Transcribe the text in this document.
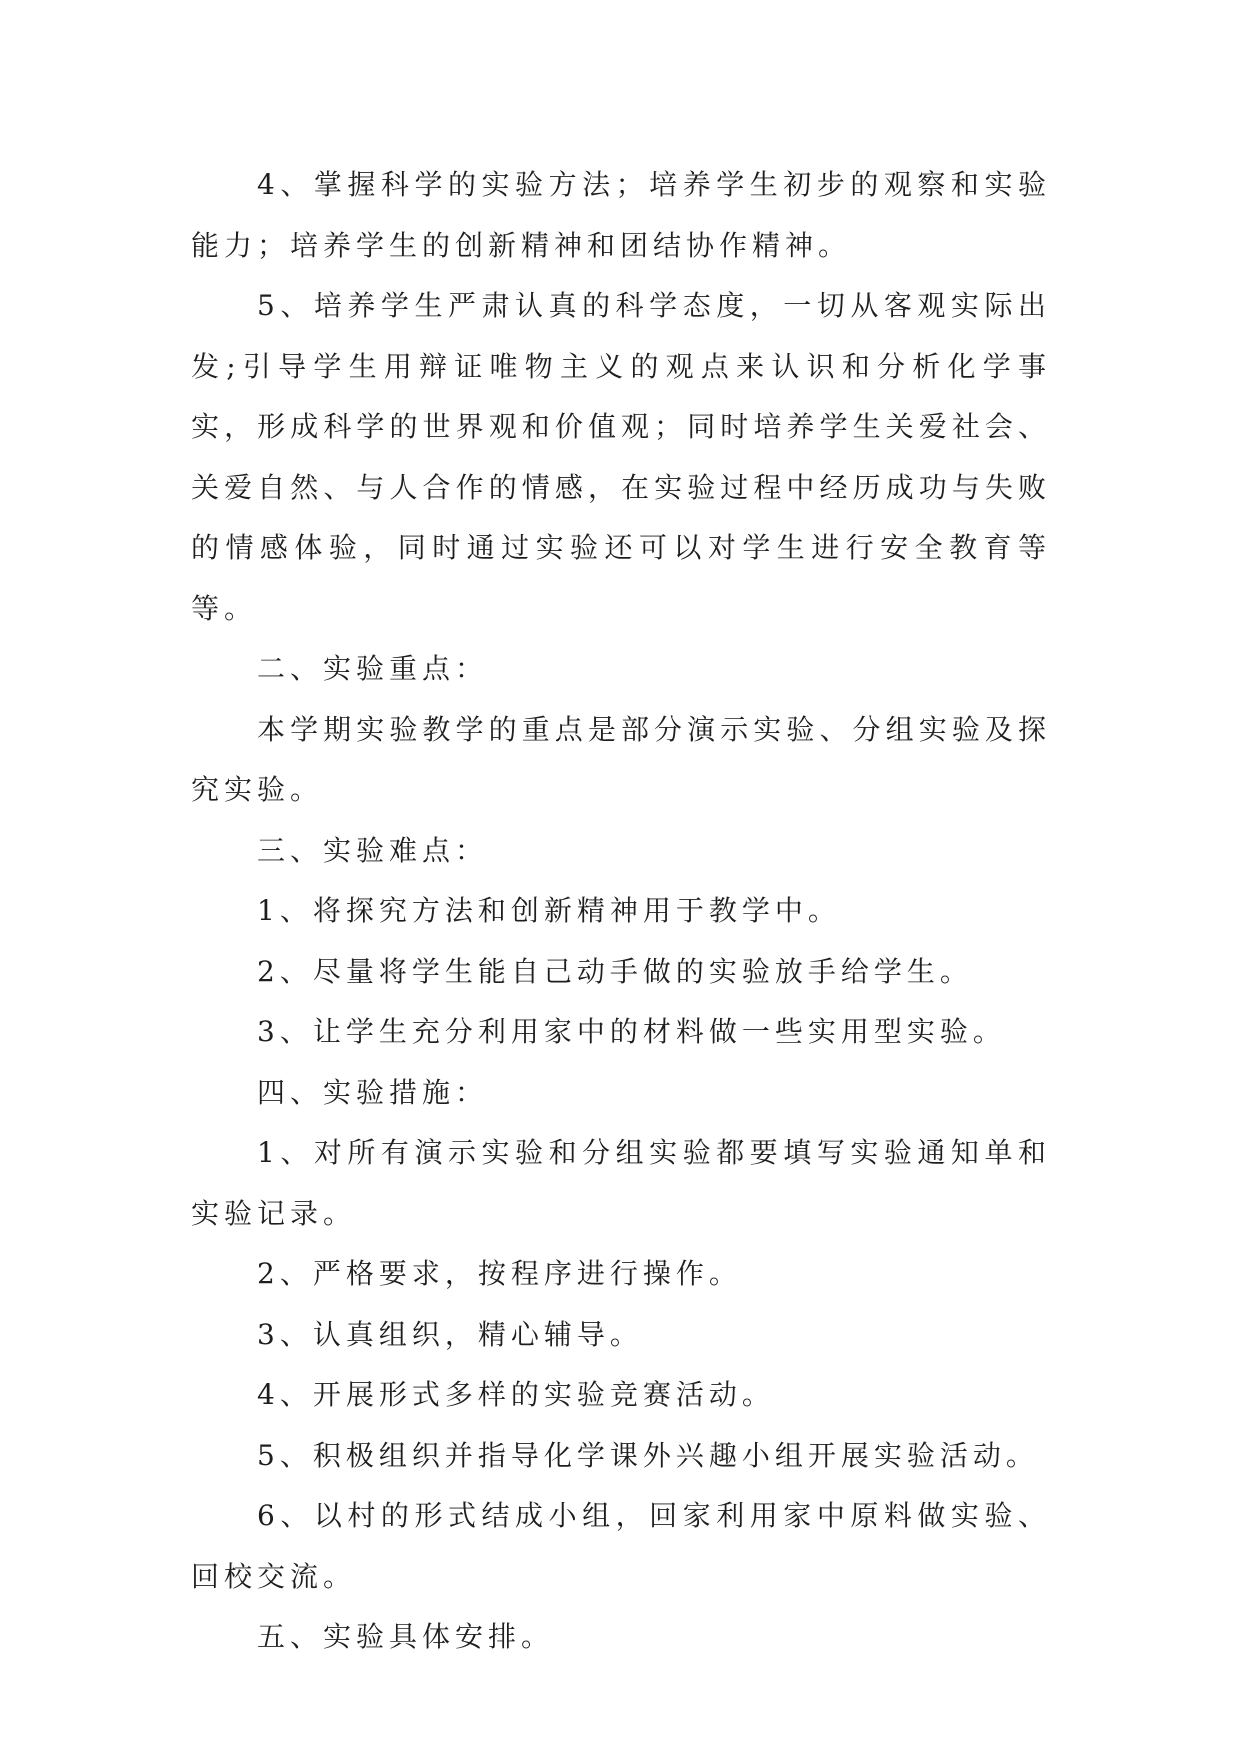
4、掌握科学的实验方法；培养学生初步的观察和实验能力；培养学生的创新精神和团结协作精神。

5、培养学生严肃认真的科学态度，一切从客观实际出发;引导学生用辩证唯物主义的观点来认识和分析化学事实，形成科学的世界观和价值观；同时培养学生关爱社会、关爱自然、与人合作的情感，在实验过程中经历成功与失败的情感体验，同时通过实验还可以对学生进行安全教育等等。

二、实验重点：

本学期实验教学的重点是部分演示实验、分组实验及探究实验。

三、实验难点：

1、将探究方法和创新精神用于教学中。

2、尽量将学生能自己动手做的实验放手给学生。

3、让学生充分利用家中的材料做一些实用型实验。

四、实验措施：

1、对所有演示实验和分组实验都要填写实验通知单和实验记录。

2、严格要求，按程序进行操作。

3、认真组织，精心辅导。

4、开展形式多样的实验竞赛活动。

5、积极组织并指导化学课外兴趣小组开展实验活动。

6、以村的形式结成小组，回家利用家中原料做实验、回校交流。

五、实验具体安排。
